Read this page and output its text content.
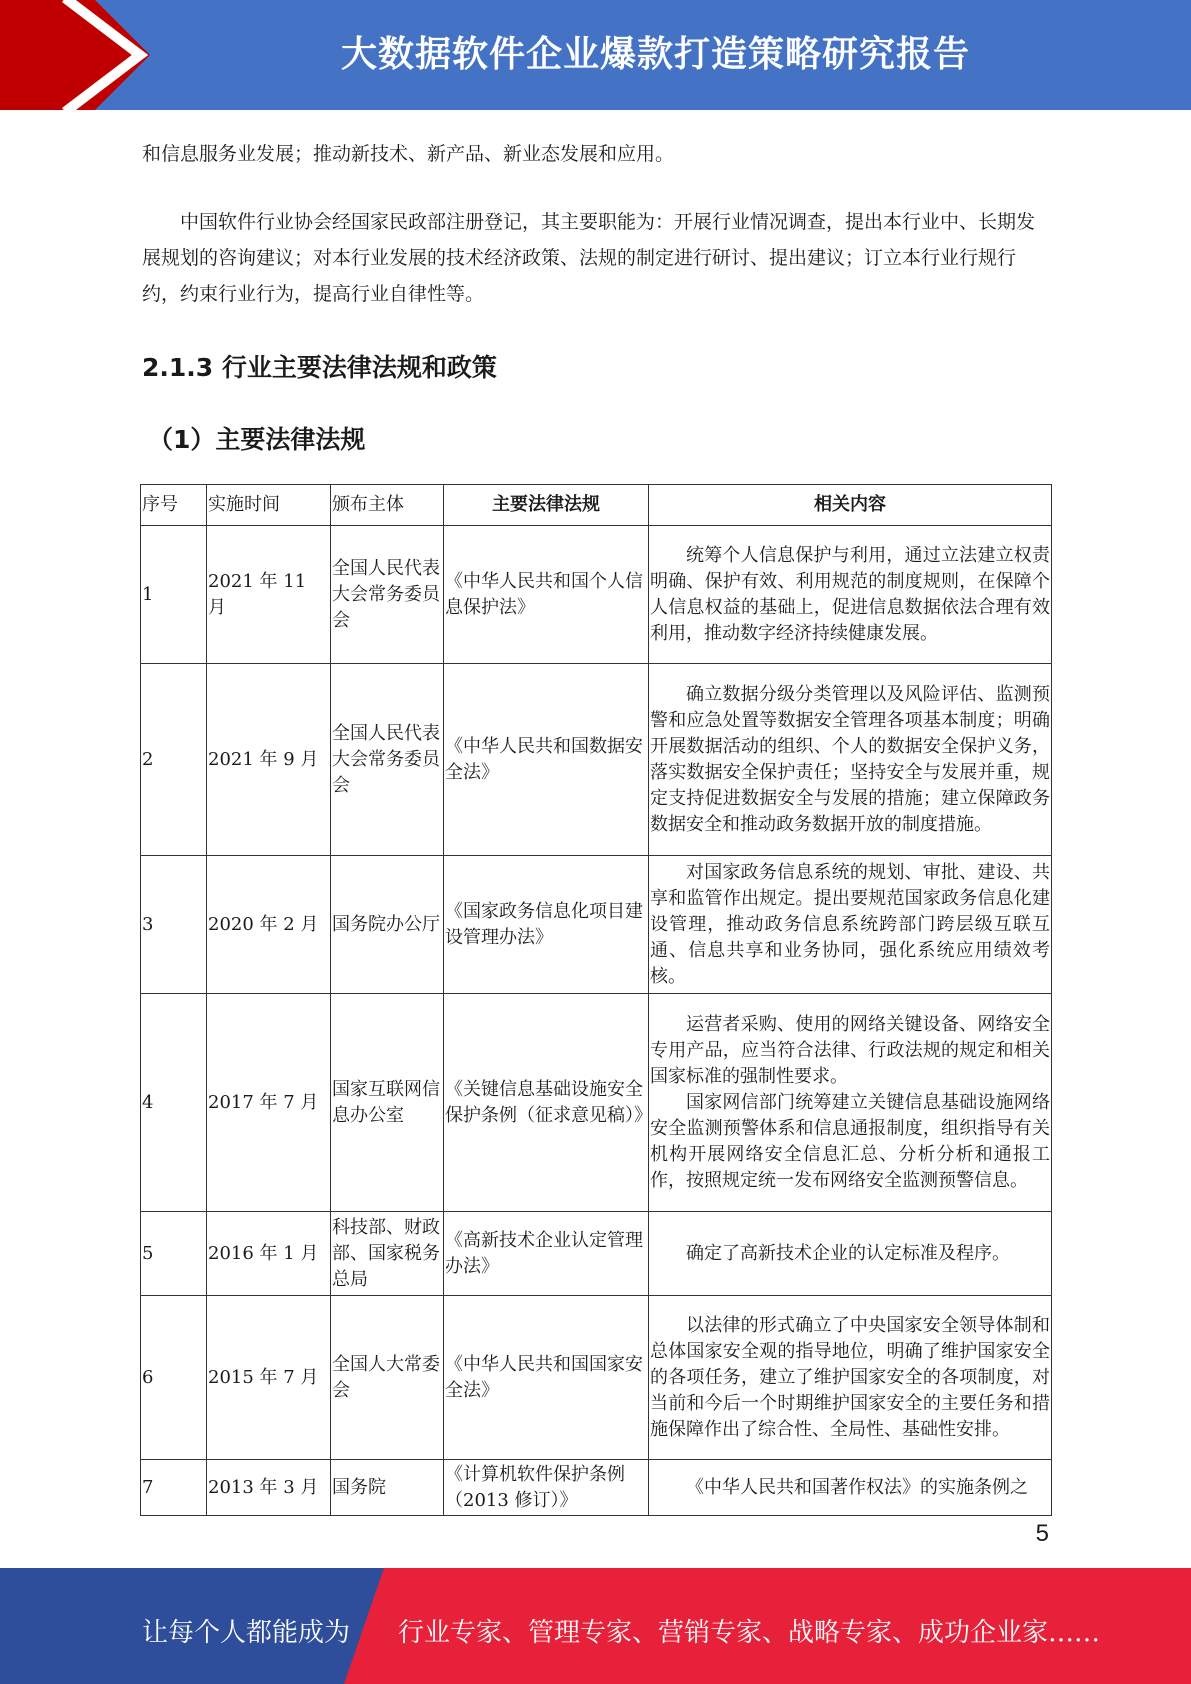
大数据软件企业爆款打造策略研究报告
和信息服务业发展；推动新技术、新产品、新业态发展和应用。
中国软件行业协会经国家民政部注册登记，其主要职能为：开展行业情况调查，提出本行业中、长期发展规划的咨询建议；对本行业发展的技术经济政策、法规的制定进行研讨、提出建议；订立本行业行规行约，约束行业行为，提高行业自律性等。
2.1.3 行业主要法律法规和政策
（1）主要法律法规
序号	实施时间	颁布主体	主要法律法规	相关内容
1	2021 年 11 月	全国人民代表大会常务委员会	《中华人民共和国个人信息保护法》	统筹个人信息保护与利用，通过立法建立权责明确、保护有效、利用规范的制度规则，在保障个人信息权益的基础上，促进信息数据依法合理有效利用，推动数字经济持续健康发展。
2	2021 年 9 月	全国人民代表大会常务委员会	《中华人民共和国数据安全法》	确立数据分级分类管理以及风险评估、监测预警和应急处置等数据安全管理各项基本制度；明确开展数据活动的组织、个人的数据安全保护义务，落实数据安全保护责任；坚持安全与发展并重，规定支持促进数据安全与发展的措施；建立保障政务数据安全和推动政务数据开放的制度措施。
3	2020 年 2 月	国务院办公厅	《国家政务信息化项目建设管理办法》	对国家政务信息系统的规划、审批、建设、共享和监管作出规定。提出要规范国家政务信息化建设管理，推动政务信息系统跨部门跨层级互联互通、信息共享和业务协同，强化系统应用绩效考核。
4	2017 年 7 月	国家互联网信息办公室	《关键信息基础设施安全保护条例（征求意见稿）》	运营者采购、使用的网络关键设备、网络安全专用产品，应当符合法律、行政法规的规定和相关国家标准的强制性要求。
国家网信部门统筹建立关键信息基础设施网络安全监测预警体系和信息通报制度，组织指导有关机构开展网络安全信息汇总、分析分析和通报工作，按照规定统一发布网络安全监测预警信息。

5	2016 年 1 月	科技部、财政部、国家税务总局	《高新技术企业认定管理办法》	确定了高新技术企业的认定标准及程序。
6	2015 年 7 月	全国人大常委会	《中华人民共和国国家安全法》	以法律的形式确立了中央国家安全领导体制和总体国家安全观的指导地位，明确了维护国家安全的各项任务，建立了维护国家安全的各项制度，对当前和今后一个时期维护国家安全的主要任务和措施保障作出了综合性、全局性、基础性安排。
7	2013 年 3 月	国务院	《计算机软件保护条例（2013 修订）》	《中华人民共和国著作权法》的实施条例之
5
让每个人都能成为 行业专家、管理专家、营销专家、战略专家、成功企业家……
